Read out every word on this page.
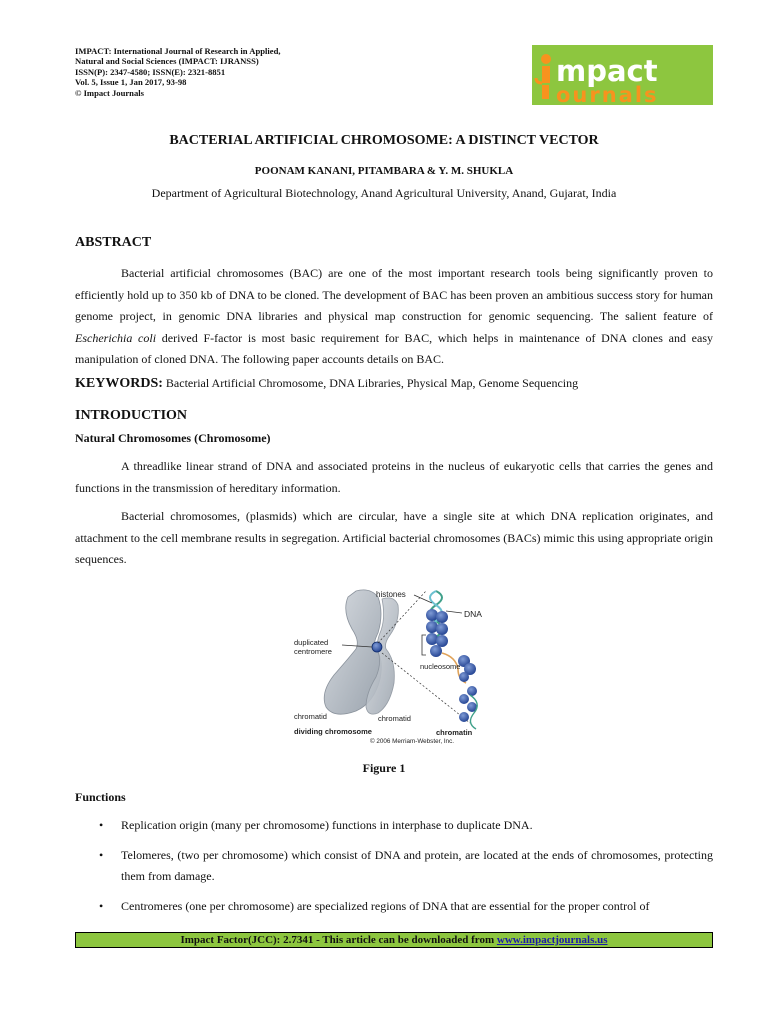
IMPACT: International Journal of Research in Applied,
Natural and Social Sciences (IMPACT: IJRANSS)
ISSN(P): 2347-4580; ISSN(E): 2321-8851
Vol. 5, Issue 1, Jan 2017, 93-98
© Impact Journals
mpact
ournals
BACTERIAL ARTIFICIAL CHROMOSOME: A DISTINCT VECTOR
POONAM KANANI, PITAMBARA & Y. M. SHUKLA
Department of Agricultural Biotechnology, Anand Agricultural University, Anand, Gujarat, India
ABSTRACT
Bacterial artificial chromosomes (BAC) are one of the most important research tools being significantly proven to efficiently hold up to 350 kb of DNA to be cloned. The development of BAC has been proven an ambitious success story for human genome project, in genomic DNA libraries and physical map construction for genomic sequencing. The salient feature of Escherichia coli derived F-factor is most basic requirement for BAC, which helps in maintenance of DNA clones and easy manipulation of cloned DNA. The following paper accounts details on BAC.
KEYWORDS: Bacterial Artificial Chromosome, DNA Libraries, Physical Map, Genome Sequencing
INTRODUCTION
Natural Chromosomes (Chromosome)
A threadlike linear strand of DNA and associated proteins in the nucleus of eukaryotic cells that carries the genes and functions in the transmission of hereditary information.
Bacterial chromosomes, (plasmids) which are circular, have a single site at which DNA replication originates, and attachment to the cell membrane results in segregation. Artificial bacterial chromosomes (BACs) mimic this using appropriate origin sequences.
histones
DNA
duplicated
centromere
nucleosome
chromatid	chromatid
dividing chromosome	chromatin
© 2006 Merriam-Webster, Inc.
Figure 1
Functions
• Replication origin (many per chromosome) functions in interphase to duplicate DNA.
• Telomeres, (two per chromosome) which consist of DNA and protein, are located at the ends of chromosomes, protecting them from damage.
• Centromeres (one per chromosome) are specialized regions of DNA that are essential for the proper control of
Impact Factor(JCC): 2.7341 - This article can be downloaded from www.impactjournals.us
